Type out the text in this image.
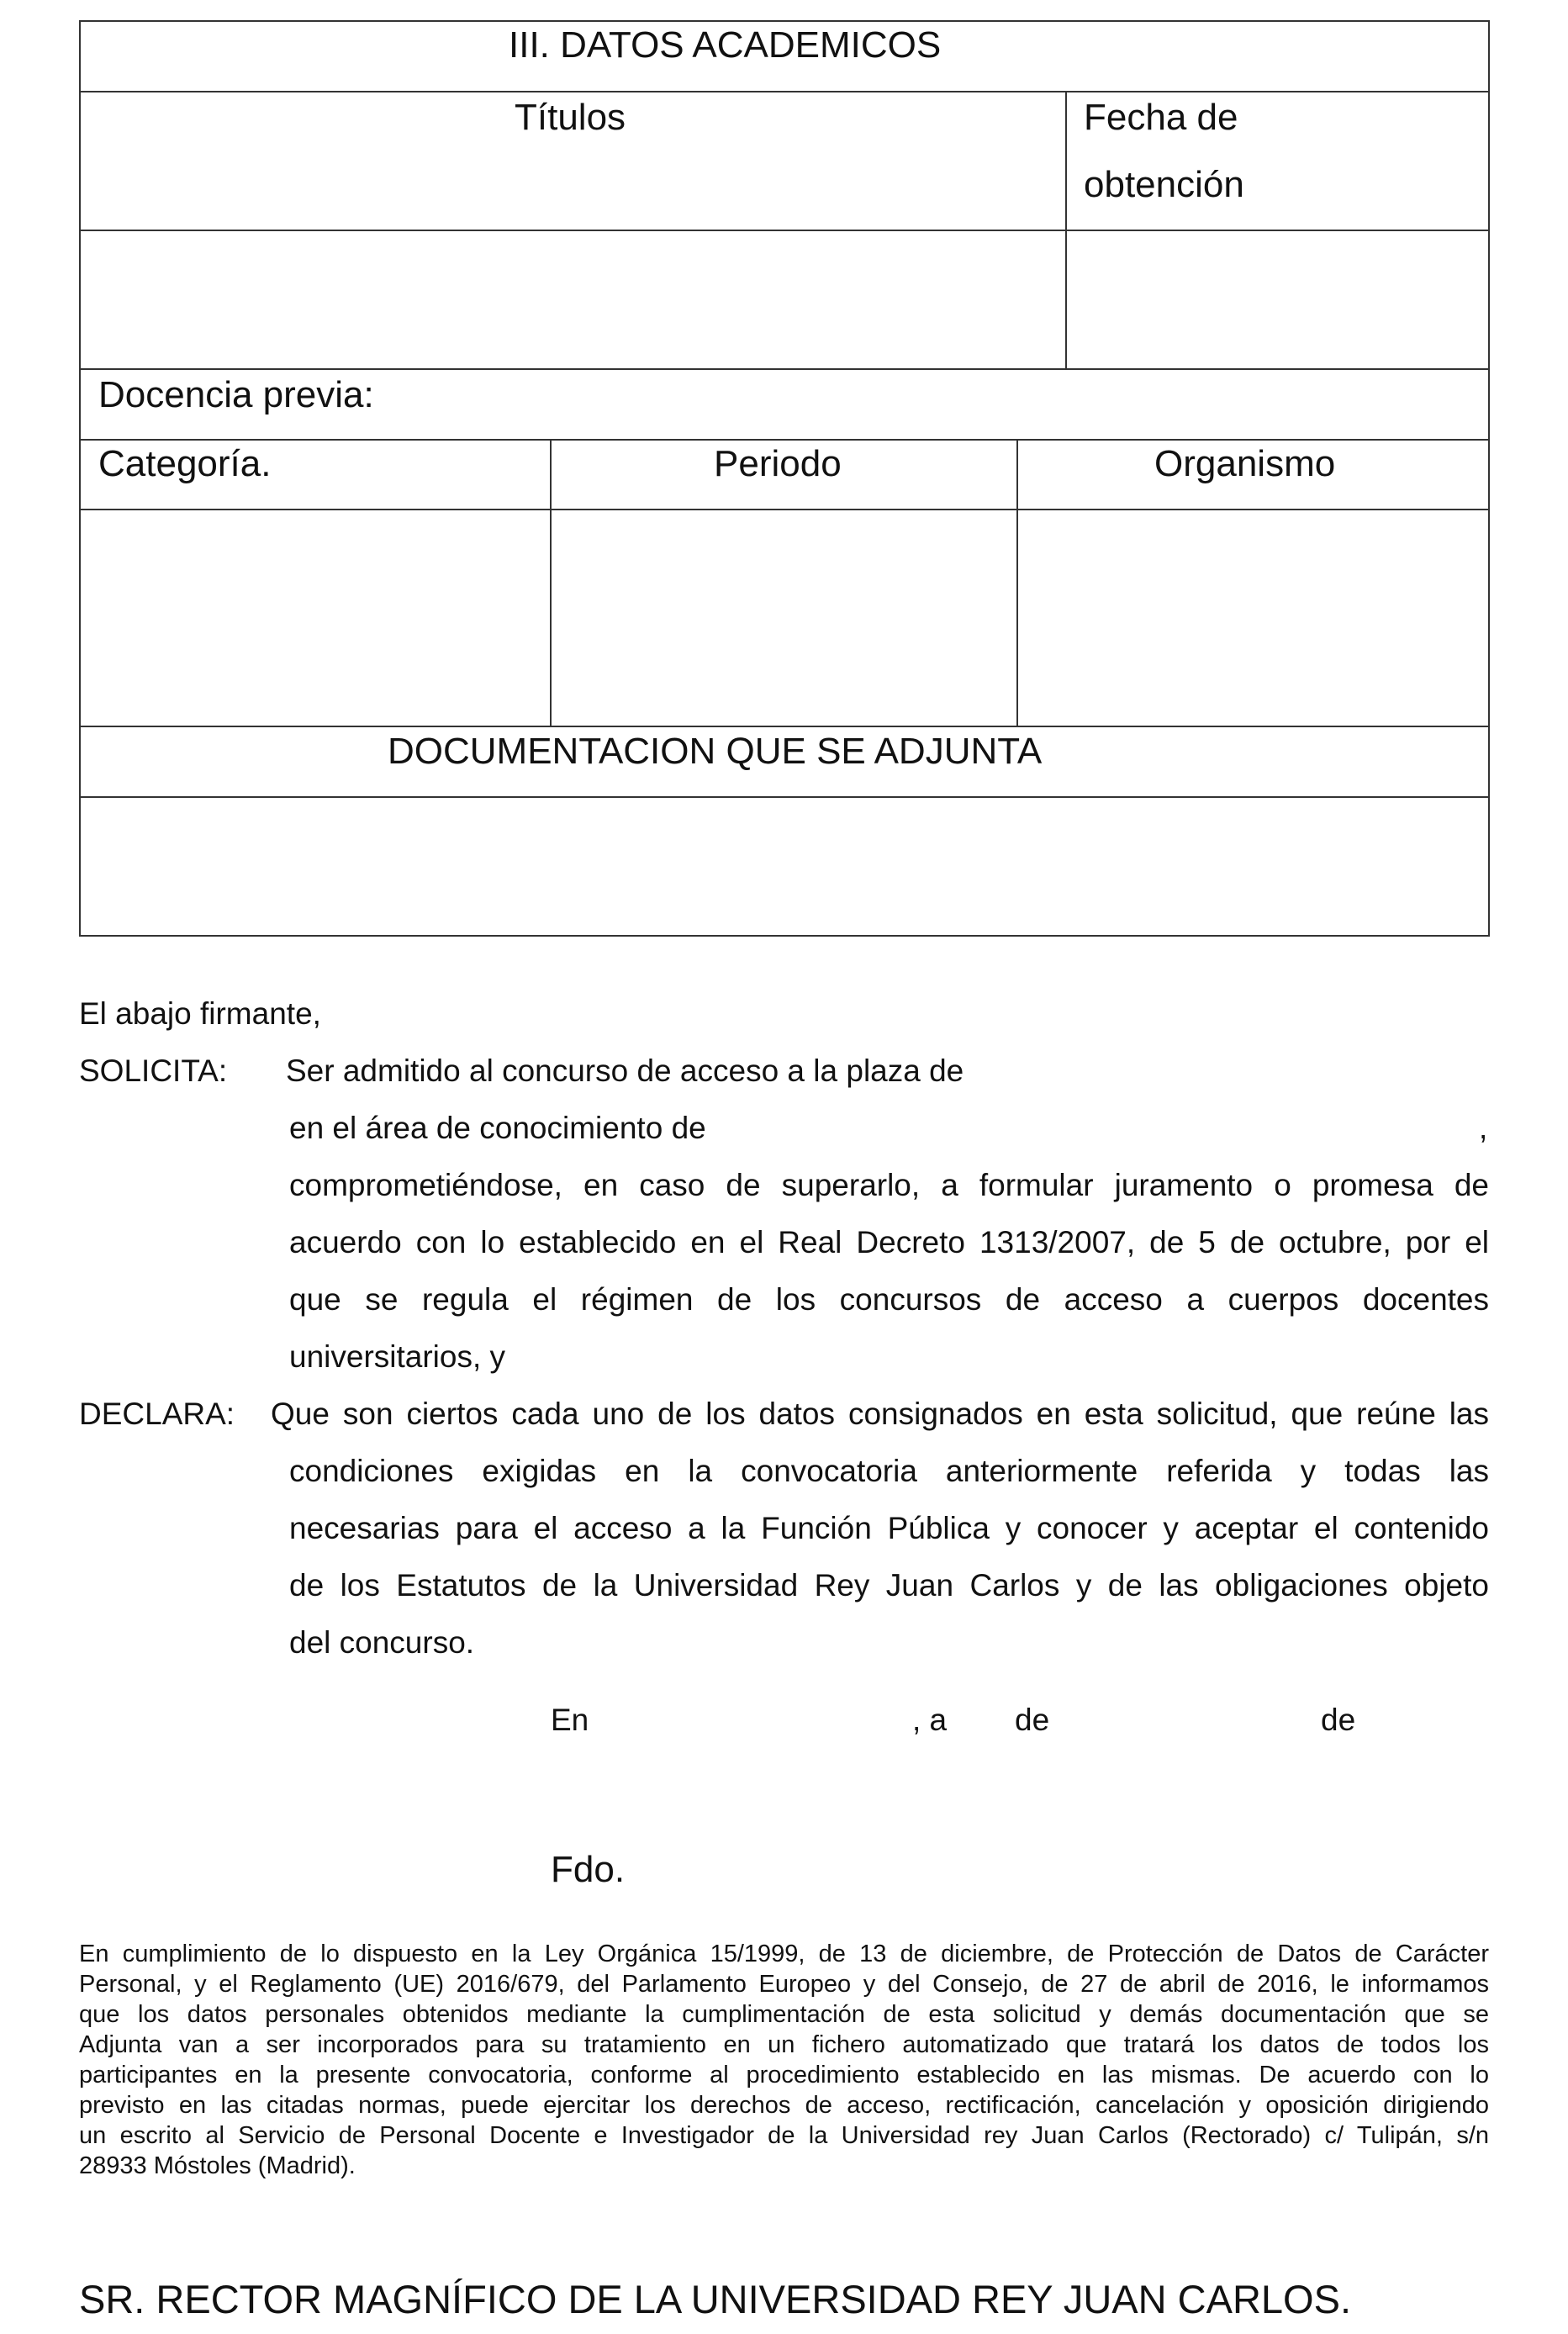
III. DATOS ACADEMICOS
Títulos	Fecha de
obtención
Docencia previa:
Categoría.	Periodo	Organismo
DOCUMENTACION QUE SE ADJUNTA
El abajo firmante,
SOLICITA: Ser admitido al concurso de acceso a la plaza de
en el área de conocimiento de	,
comprometiéndose, en caso de superarlo, a formular juramento o promesa de
acuerdo con lo establecido en el Real Decreto 1313/2007, de 5 de octubre, por el
que se regula el régimen de los concursos de acceso a cuerpos docentes
universitarios, y
DECLARA: Que son ciertos cada uno de los datos consignados en esta solicitud, que reúne las
condiciones exigidas en la convocatoria anteriormente referida y todas las
necesarias para el acceso a la Función Pública y conocer y aceptar el contenido
de los Estatutos de la Universidad Rey Juan Carlos y de las obligaciones objeto
del concurso.
En	, a de	de
Fdo.
En cumplimiento de lo dispuesto en la Ley Orgánica 15/1999, de 13 de diciembre, de Protección de Datos de Carácter
Personal, y el Reglamento (UE) 2016/679, del Parlamento Europeo y del Consejo, de 27 de abril de 2016, le informamos
que los datos personales obtenidos mediante la cumplimentación de esta solicitud y demás documentación que se
Adjunta van a ser incorporados para su tratamiento en un fichero automatizado que tratará los datos de todos los
participantes en la presente convocatoria, conforme al procedimiento establecido en las mismas. De acuerdo con lo
previsto en las citadas normas, puede ejercitar los derechos de acceso, rectificación, cancelación y oposición dirigiendo
un escrito al Servicio de Personal Docente e Investigador de la Universidad rey Juan Carlos (Rectorado) c/ Tulipán, s/n
28933 Móstoles (Madrid).
SR. RECTOR MAGNÍFICO DE LA UNIVERSIDAD REY JUAN CARLOS.
